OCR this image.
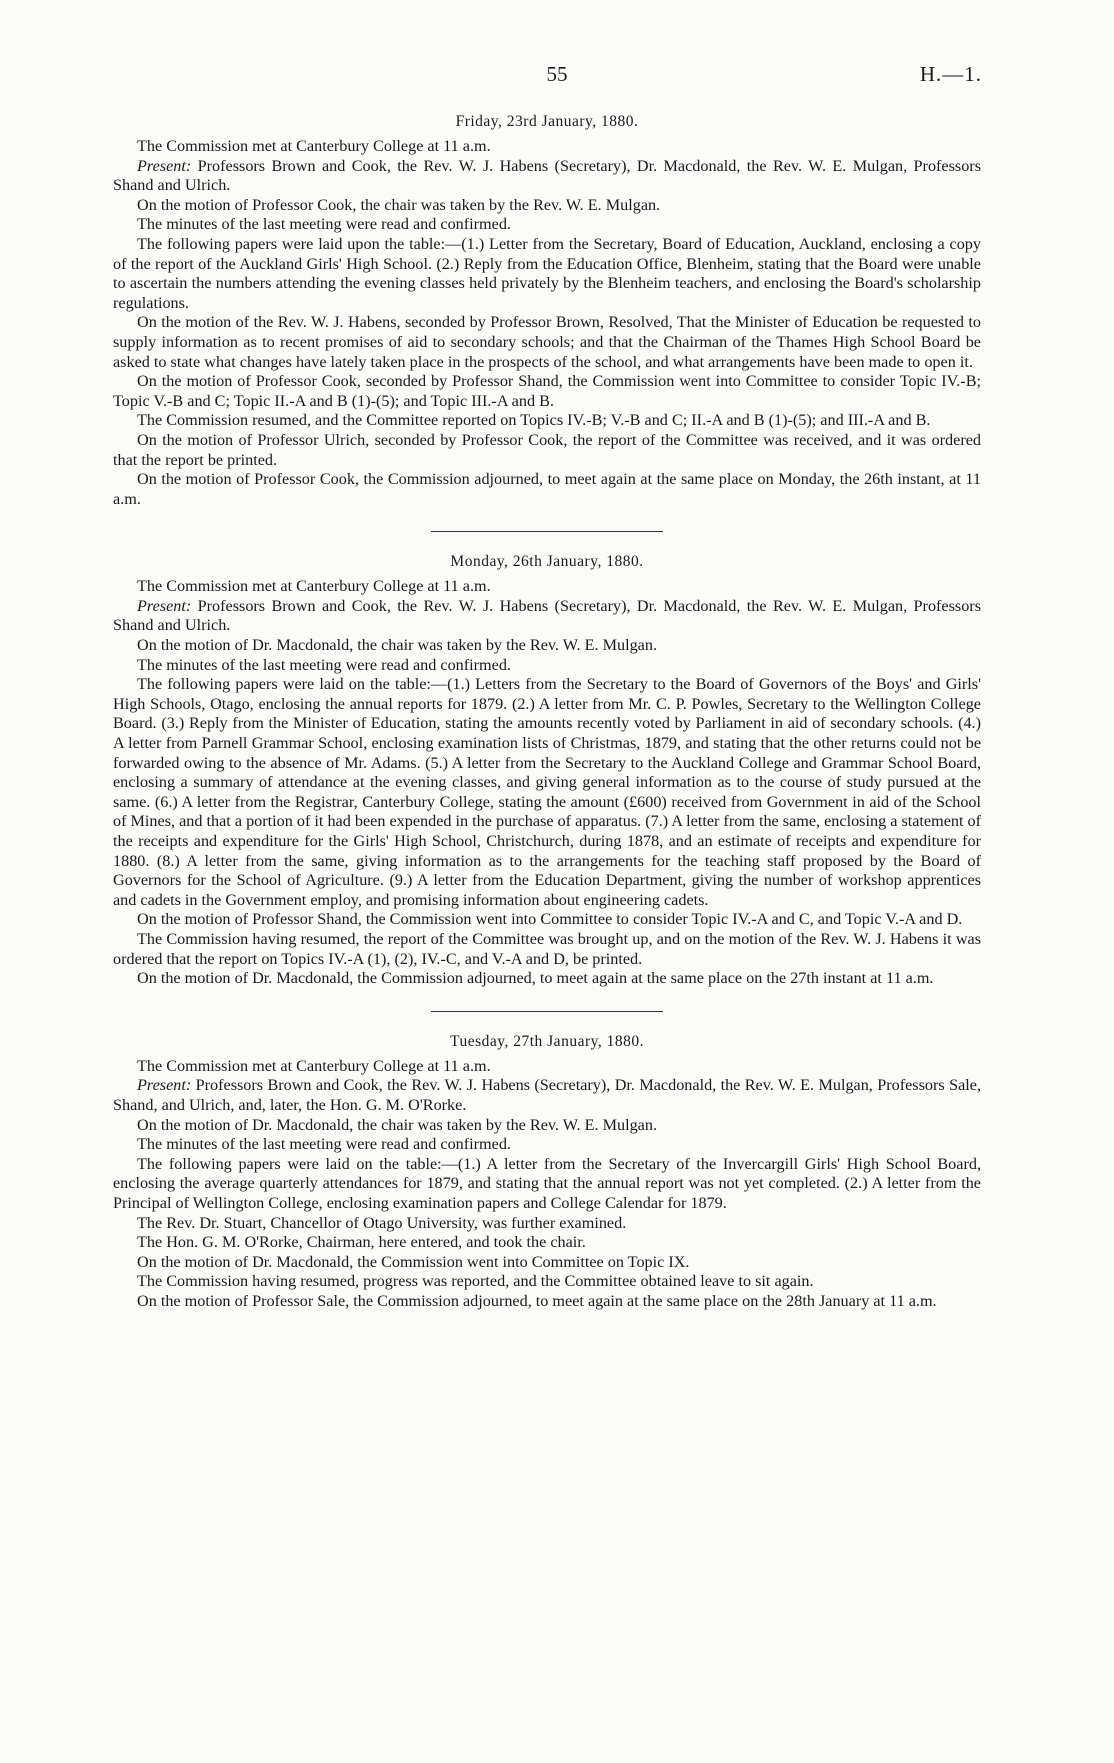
55	H.—1.
Friday, 23rd January, 1880.

The Commission met at Canterbury College at 11 a.m.

Present: Professors Brown and Cook, the Rev. W. J. Habens (Secretary), Dr. Macdonald, the Rev. W. E. Mulgan, Professors Shand and Ulrich.

On the motion of Professor Cook, the chair was taken by the Rev. W. E. Mulgan.

The minutes of the last meeting were read and confirmed.

The following papers were laid upon the table:—(1.) Letter from the Secretary, Board of Education, Auckland, enclosing a copy of the report of the Auckland Girls' High School. (2.) Reply from the Education Office, Blenheim, stating that the Board were unable to ascertain the numbers attending the evening classes held privately by the Blenheim teachers, and enclosing the Board's scholarship regulations.

On the motion of the Rev. W. J. Habens, seconded by Professor Brown, Resolved, That the Minister of Education be requested to supply information as to recent promises of aid to secondary schools; and that the Chairman of the Thames High School Board be asked to state what changes have lately taken place in the prospects of the school, and what arrangements have been made to open it.

On the motion of Professor Cook, seconded by Professor Shand, the Commission went into Committee to consider Topic IV.-B; Topic V.-B and C; Topic II.-A and B (1)-(5); and Topic III.-A and B.

The Commission resumed, and the Committee reported on Topics IV.-B; V.-B and C; II.-A and B (1)-(5); and III.-A and B.

On the motion of Professor Ulrich, seconded by Professor Cook, the report of the Committee was received, and it was ordered that the report be printed.

On the motion of Professor Cook, the Commission adjourned, to meet again at the same place on Monday, the 26th instant, at 11 a.m.

Monday, 26th January, 1880.

The Commission met at Canterbury College at 11 a.m.

Present: Professors Brown and Cook, the Rev. W. J. Habens (Secretary), Dr. Macdonald, the Rev. W. E. Mulgan, Professors Shand and Ulrich.

On the motion of Dr. Macdonald, the chair was taken by the Rev. W. E. Mulgan.

The minutes of the last meeting were read and confirmed.

The following papers were laid on the table:—(1.) Letters from the Secretary to the Board of Governors of the Boys' and Girls' High Schools, Otago, enclosing the annual reports for 1879. (2.) A letter from Mr. C. P. Powles, Secretary to the Wellington College Board. (3.) Reply from the Minister of Education, stating the amounts recently voted by Parliament in aid of secondary schools. (4.) A letter from Parnell Grammar School, enclosing examination lists of Christmas, 1879, and stating that the other returns could not be forwarded owing to the absence of Mr. Adams. (5.) A letter from the Secretary to the Auckland College and Grammar School Board, enclosing a summary of attendance at the evening classes, and giving general information as to the course of study pursued at the same. (6.) A letter from the Registrar, Canterbury College, stating the amount (£600) received from Government in aid of the School of Mines, and that a portion of it had been expended in the purchase of apparatus. (7.) A letter from the same, enclosing a statement of the receipts and expenditure for the Girls' High School, Christchurch, during 1878, and an estimate of receipts and expenditure for 1880. (8.) A letter from the same, giving information as to the arrangements for the teaching staff proposed by the Board of Governors for the School of Agriculture. (9.) A letter from the Education Department, giving the number of workshop apprentices and cadets in the Government employ, and promising information about engineering cadets.

On the motion of Professor Shand, the Commission went into Committee to consider Topic IV.-A and C, and Topic V.-A and D.

The Commission having resumed, the report of the Committee was brought up, and on the motion of the Rev. W. J. Habens it was ordered that the report on Topics IV.-A (1), (2), IV.-C, and V.-A and D, be printed.

On the motion of Dr. Macdonald, the Commission adjourned, to meet again at the same place on the 27th instant at 11 a.m.

Tuesday, 27th January, 1880.

The Commission met at Canterbury College at 11 a.m.

Present: Professors Brown and Cook, the Rev. W. J. Habens (Secretary), Dr. Macdonald, the Rev. W. E. Mulgan, Professors Sale, Shand, and Ulrich, and, later, the Hon. G. M. O'Rorke.

On the motion of Dr. Macdonald, the chair was taken by the Rev. W. E. Mulgan.

The minutes of the last meeting were read and confirmed.

The following papers were laid on the table:—(1.) A letter from the Secretary of the Invercargill Girls' High School Board, enclosing the average quarterly attendances for 1879, and stating that the annual report was not yet completed. (2.) A letter from the Principal of Wellington College, enclosing examination papers and College Calendar for 1879.

The Rev. Dr. Stuart, Chancellor of Otago University, was further examined.

The Hon. G. M. O'Rorke, Chairman, here entered, and took the chair.

On the motion of Dr. Macdonald, the Commission went into Committee on Topic IX.

The Commission having resumed, progress was reported, and the Committee obtained leave to sit again.

On the motion of Professor Sale, the Commission adjourned, to meet again at the same place on the 28th January at 11 a.m.
